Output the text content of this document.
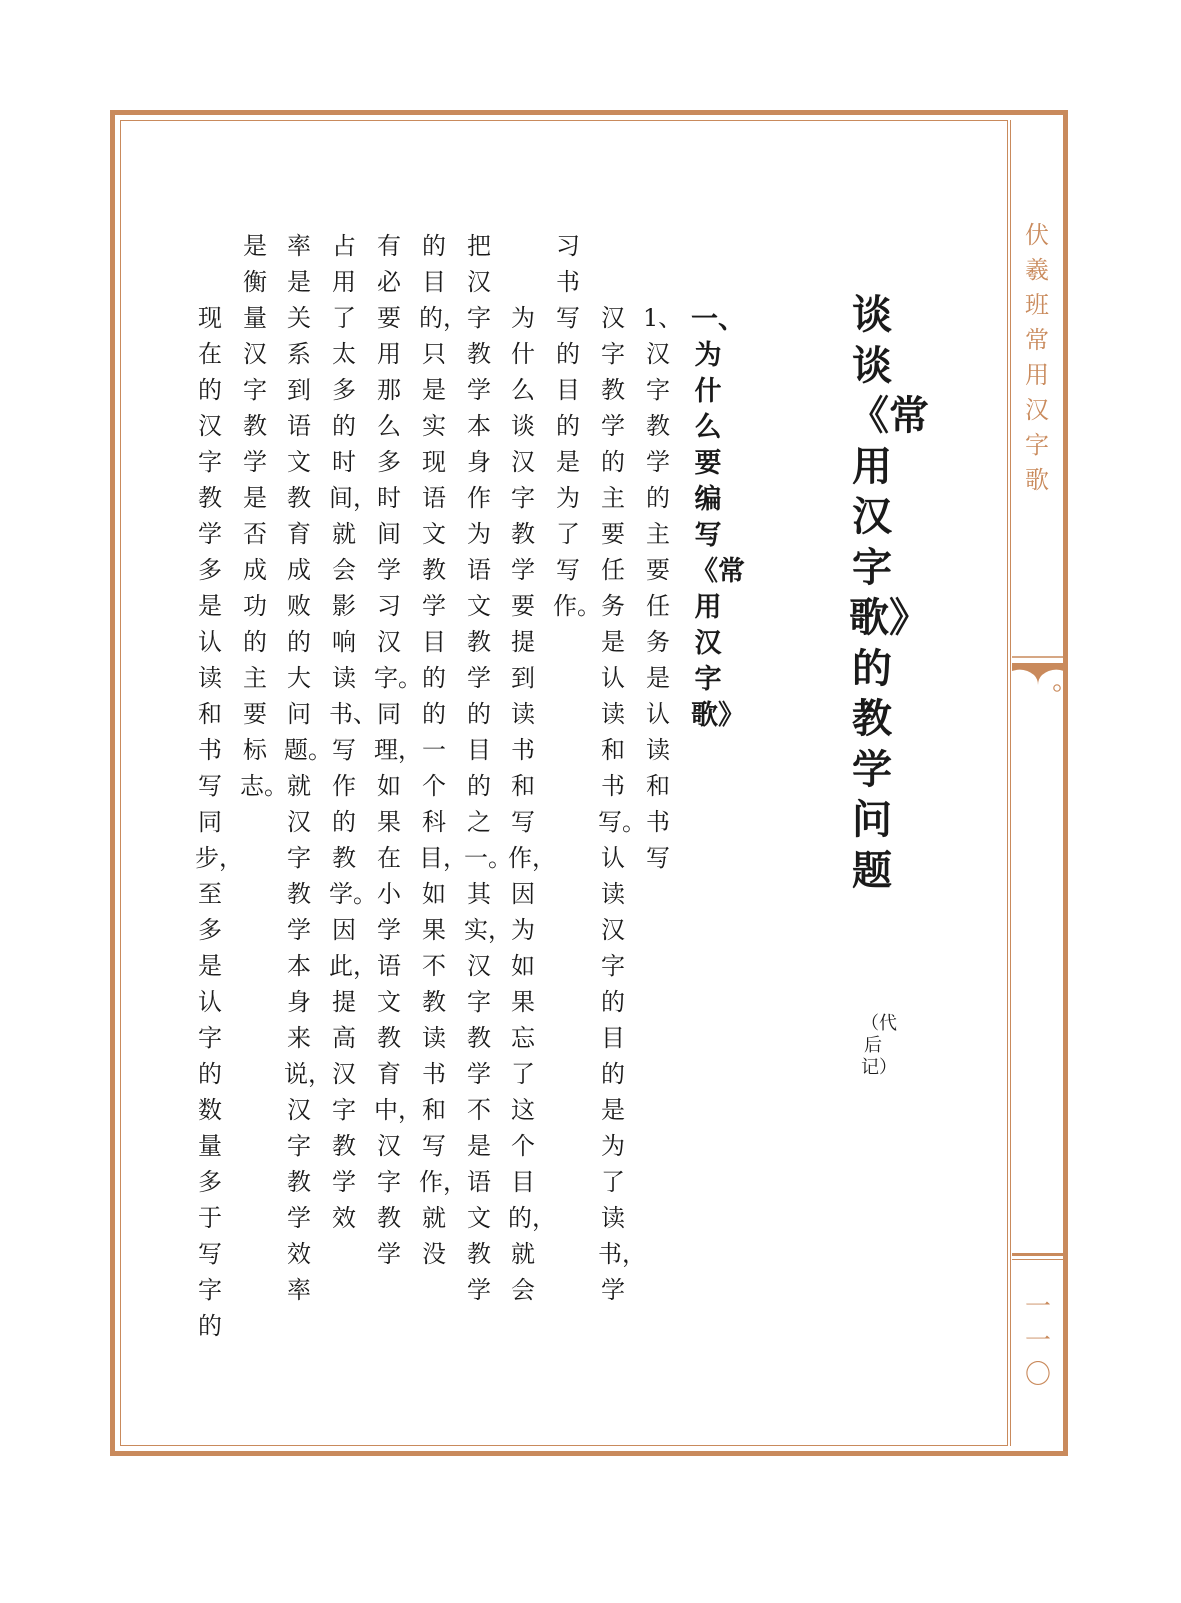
伏羲班常用汉字歌
一一〇
谈谈《常用汉字歌》的教学问题
（代后记）
一、为什么要编写《常用汉字歌》
1、汉字教学的主要任务是认读和书写
汉字教学的主要任务是认读和书写。认读汉字的目的是为了读书，学
习书写的目的是为了写作。
为什么谈汉字教学要提到读书和写作，因为如果忘了这个目的，就会
把汉字教学本身作为语文教学的目的之一。其实，汉字教学不是语文教学
的目的，只是实现语文教学目的的一个科目，如果不教读书和写作，就没
有必要用那么多时间学习汉字。同理，如果在小学语文教育中，汉字教学
占用了太多的时间，就会影响读书、写作的教学。因此，提高汉字教学效
率是关系到语文教育成败的大问题。就汉字教学本身来说，汉字教学效率
是衡量汉字教学是否成功的主要标志。
现在的汉字教学多是认读和书写同步，至多是认字的数量多于写字的
